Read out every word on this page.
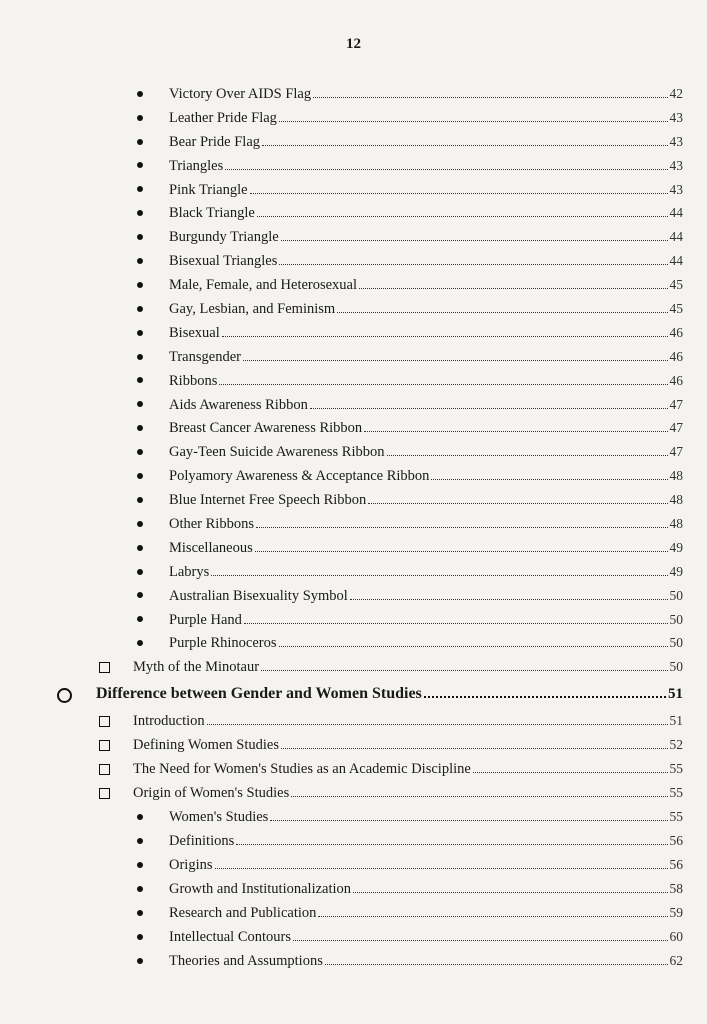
12
Victory Over AIDS Flag	42
Leather Pride Flag	43
Bear Pride Flag	43
Triangles	43
Pink Triangle	43
Black Triangle	44
Burgundy Triangle	44
Bisexual Triangles	44
Male, Female, and Heterosexual	45
Gay, Lesbian, and Feminism	45
Bisexual	46
Transgender	46
Ribbons	46
Aids Awareness Ribbon	47
Breast Cancer Awareness Ribbon	47
Gay-Teen Suicide Awareness Ribbon	47
Polyamory Awareness & Acceptance Ribbon	48
Blue Internet Free Speech Ribbon	48
Other Ribbons	48
Miscellaneous	49
Labrys	49
Australian Bisexuality Symbol	50
Purple Hand	50
Purple Rhinoceros	50
Myth of the Minotaur	50
Difference between Gender and Women Studies	51
Introduction	51
Defining Women Studies	52
The Need for Women's Studies as an Academic Discipline	55
Origin of Women's Studies	55
Women's Studies	55
Definitions	56
Origins	56
Growth and Institutionalization	58
Research and Publication	59
Intellectual Contours	60
Theories and Assumptions	62
